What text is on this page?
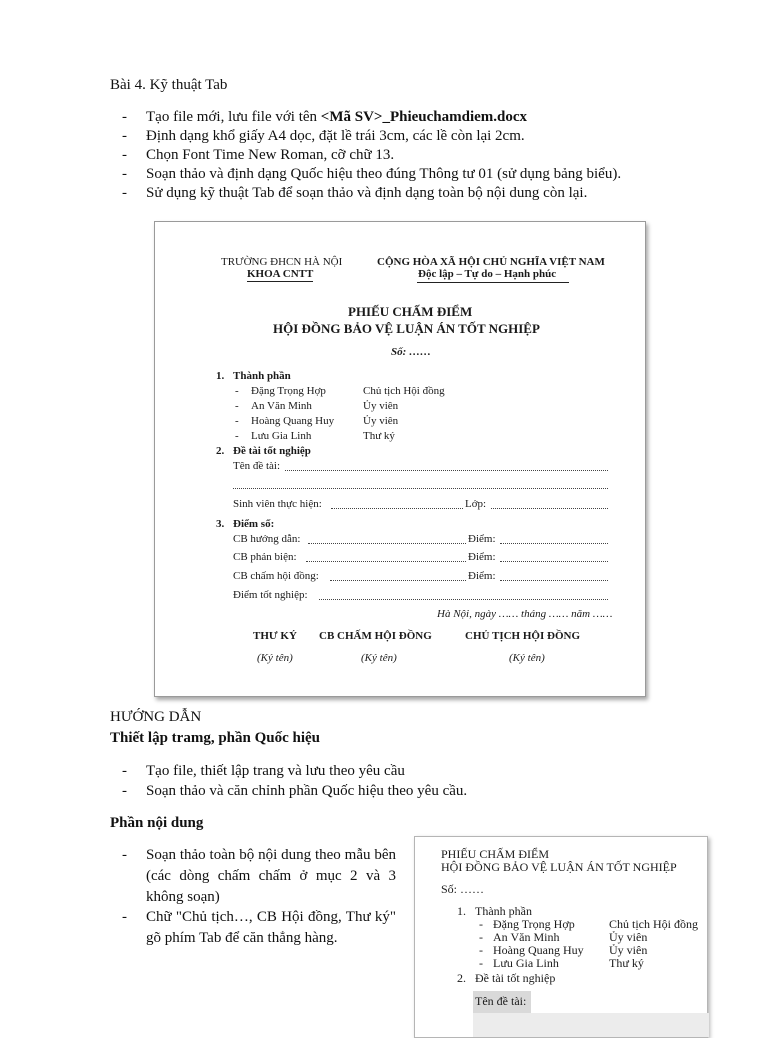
Bài 4. Kỹ thuật Tab
- Tạo file mới, lưu file với tên <Mã SV>_Phieuchamdiem.docx
- Định dạng khổ giấy A4 dọc, đặt lề trái 3cm, các lề còn lại 2cm.
- Chọn Font Time New Roman, cỡ chữ 13.
- Soạn thảo và định dạng Quốc hiệu theo đúng Thông tư 01 (sử dụng bảng biểu).
- Sử dụng kỹ thuật Tab để soạn thảo và định dạng toàn bộ nội dung còn lại.
TRƯỜNG ĐHCN HÀ NỘI
KHOA CNTT
CỘNG HÒA XÃ HỘI CHỦ NGHĨA VIỆT NAM
Độc lập – Tự do – Hạnh phúc
PHIẾU CHẤM ĐIỂM
HỘI ĐỒNG BẢO VỆ LUẬN ÁN TỐT NGHIỆP
Số: ……
1. Thành phần
- Đặng Trọng Hợp	Chủ tịch Hội đồng
- An Văn Minh	Ủy viên
- Hoàng Quang Huy	Ủy viên
- Lưu Gia Linh	Thư ký
2. Đề tài tốt nghiệp
Tên đề tài:
Sinh viên thực hiện:	Lớp:
3. Điểm số:
CB hướng dẫn:	Điểm:
CB phản biện:	Điểm:
CB chấm hội đồng:	Điểm:
Điểm tốt nghiệp:
Hà Nội, ngày …… tháng …… năm ……
THƯ KÝ CB CHẤM HỘI ĐỒNG	CHỦ TỊCH HỘI ĐỒNG
(Ký tên)	(Ký tên)	(Ký tên)
HƯỚNG DẪN
Thiết lập tramg, phần Quốc hiệu
- Tạo file, thiết lập trang và lưu theo yêu cầu
- Soạn thảo và căn chỉnh phần Quốc hiệu theo yêu cầu.
Phần nội dung
- Soạn thảo toàn bộ nội dung theo mẫu bên (các dòng chấm chấm ở mục 2 và 3 không soạn)
- Chữ "Chủ tịch…, CB Hội đồng, Thư ký" gõ phím Tab để căn thẳng hàng.
PHIẾU CHẤM ĐIỂM
HỘI ĐỒNG BẢO VỆ LUẬN ÁN TỐT NGHIỆP
Số: ……
1. Thành phần
- Đặng Trọng Hợp	Chủ tịch Hội đồng
- An Văn Minh	Ủy viên
- Hoàng Quang Huy Ủy viên
- Lưu Gia Linh	Thư ký
2. Đề tài tốt nghiệp
Tên đề tài:
